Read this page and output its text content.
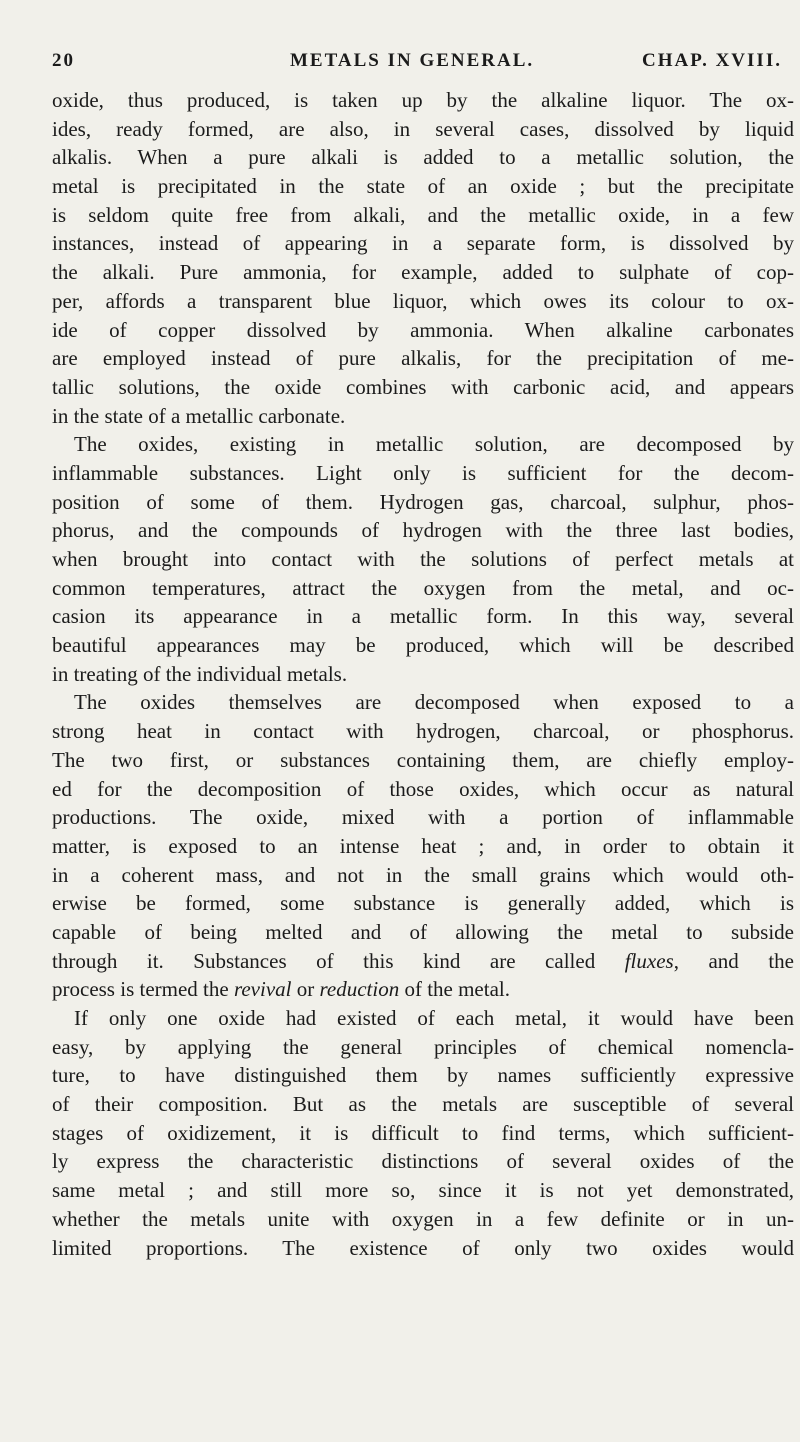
20	METALS IN GENERAL.	CHAP. XVIII.
oxide, thus produced, is taken up by the alkaline liquor. The ox-
ides, ready formed, are also, in several cases, dissolved by liquid
alkalis. When a pure alkali is added to a metallic solution, the
metal is precipitated in the state of an oxide ; but the precipitate
is seldom quite free from alkali, and the metallic oxide, in a few
instances, instead of appearing in a separate form, is dissolved by
the alkali. Pure ammonia, for example, added to sulphate of cop-
per, affords a transparent blue liquor, which owes its colour to ox-
ide of copper dissolved by ammonia. When alkaline carbonates
are employed instead of pure alkalis, for the precipitation of me-
tallic solutions, the oxide combines with carbonic acid, and appears
in the state of a metallic carbonate.
The oxides, existing in metallic solution, are decomposed by
inflammable substances. Light only is sufficient for the decom-
position of some of them. Hydrogen gas, charcoal, sulphur, phos-
phorus, and the compounds of hydrogen with the three last bodies,
when brought into contact with the solutions of perfect metals at
common temperatures, attract the oxygen from the metal, and oc-
casion its appearance in a metallic form. In this way, several
beautiful appearances may be produced, which will be described
in treating of the individual metals.
The oxides themselves are decomposed when exposed to a
strong heat in contact with hydrogen, charcoal, or phosphorus.
The two first, or substances containing them, are chiefly employ-
ed for the decomposition of those oxides, which occur as natural
productions. The oxide, mixed with a portion of inflammable
matter, is exposed to an intense heat ; and, in order to obtain it
in a coherent mass, and not in the small grains which would oth-
erwise be formed, some substance is generally added, which is
capable of being melted and of allowing the metal to subside
through it. Substances of this kind are called fluxes, and the
process is termed the revival or reduction of the metal.
If only one oxide had existed of each metal, it would have been
easy, by applying the general principles of chemical nomencla-
ture, to have distinguished them by names sufficiently expressive
of their composition. But as the metals are susceptible of several
stages of oxidizement, it is difficult to find terms, which sufficient-
ly express the characteristic distinctions of several oxides of the
same metal ; and still more so, since it is not yet demonstrated,
whether the metals unite with oxygen in a few definite or in un-
limited proportions. The existence of only two oxides would
